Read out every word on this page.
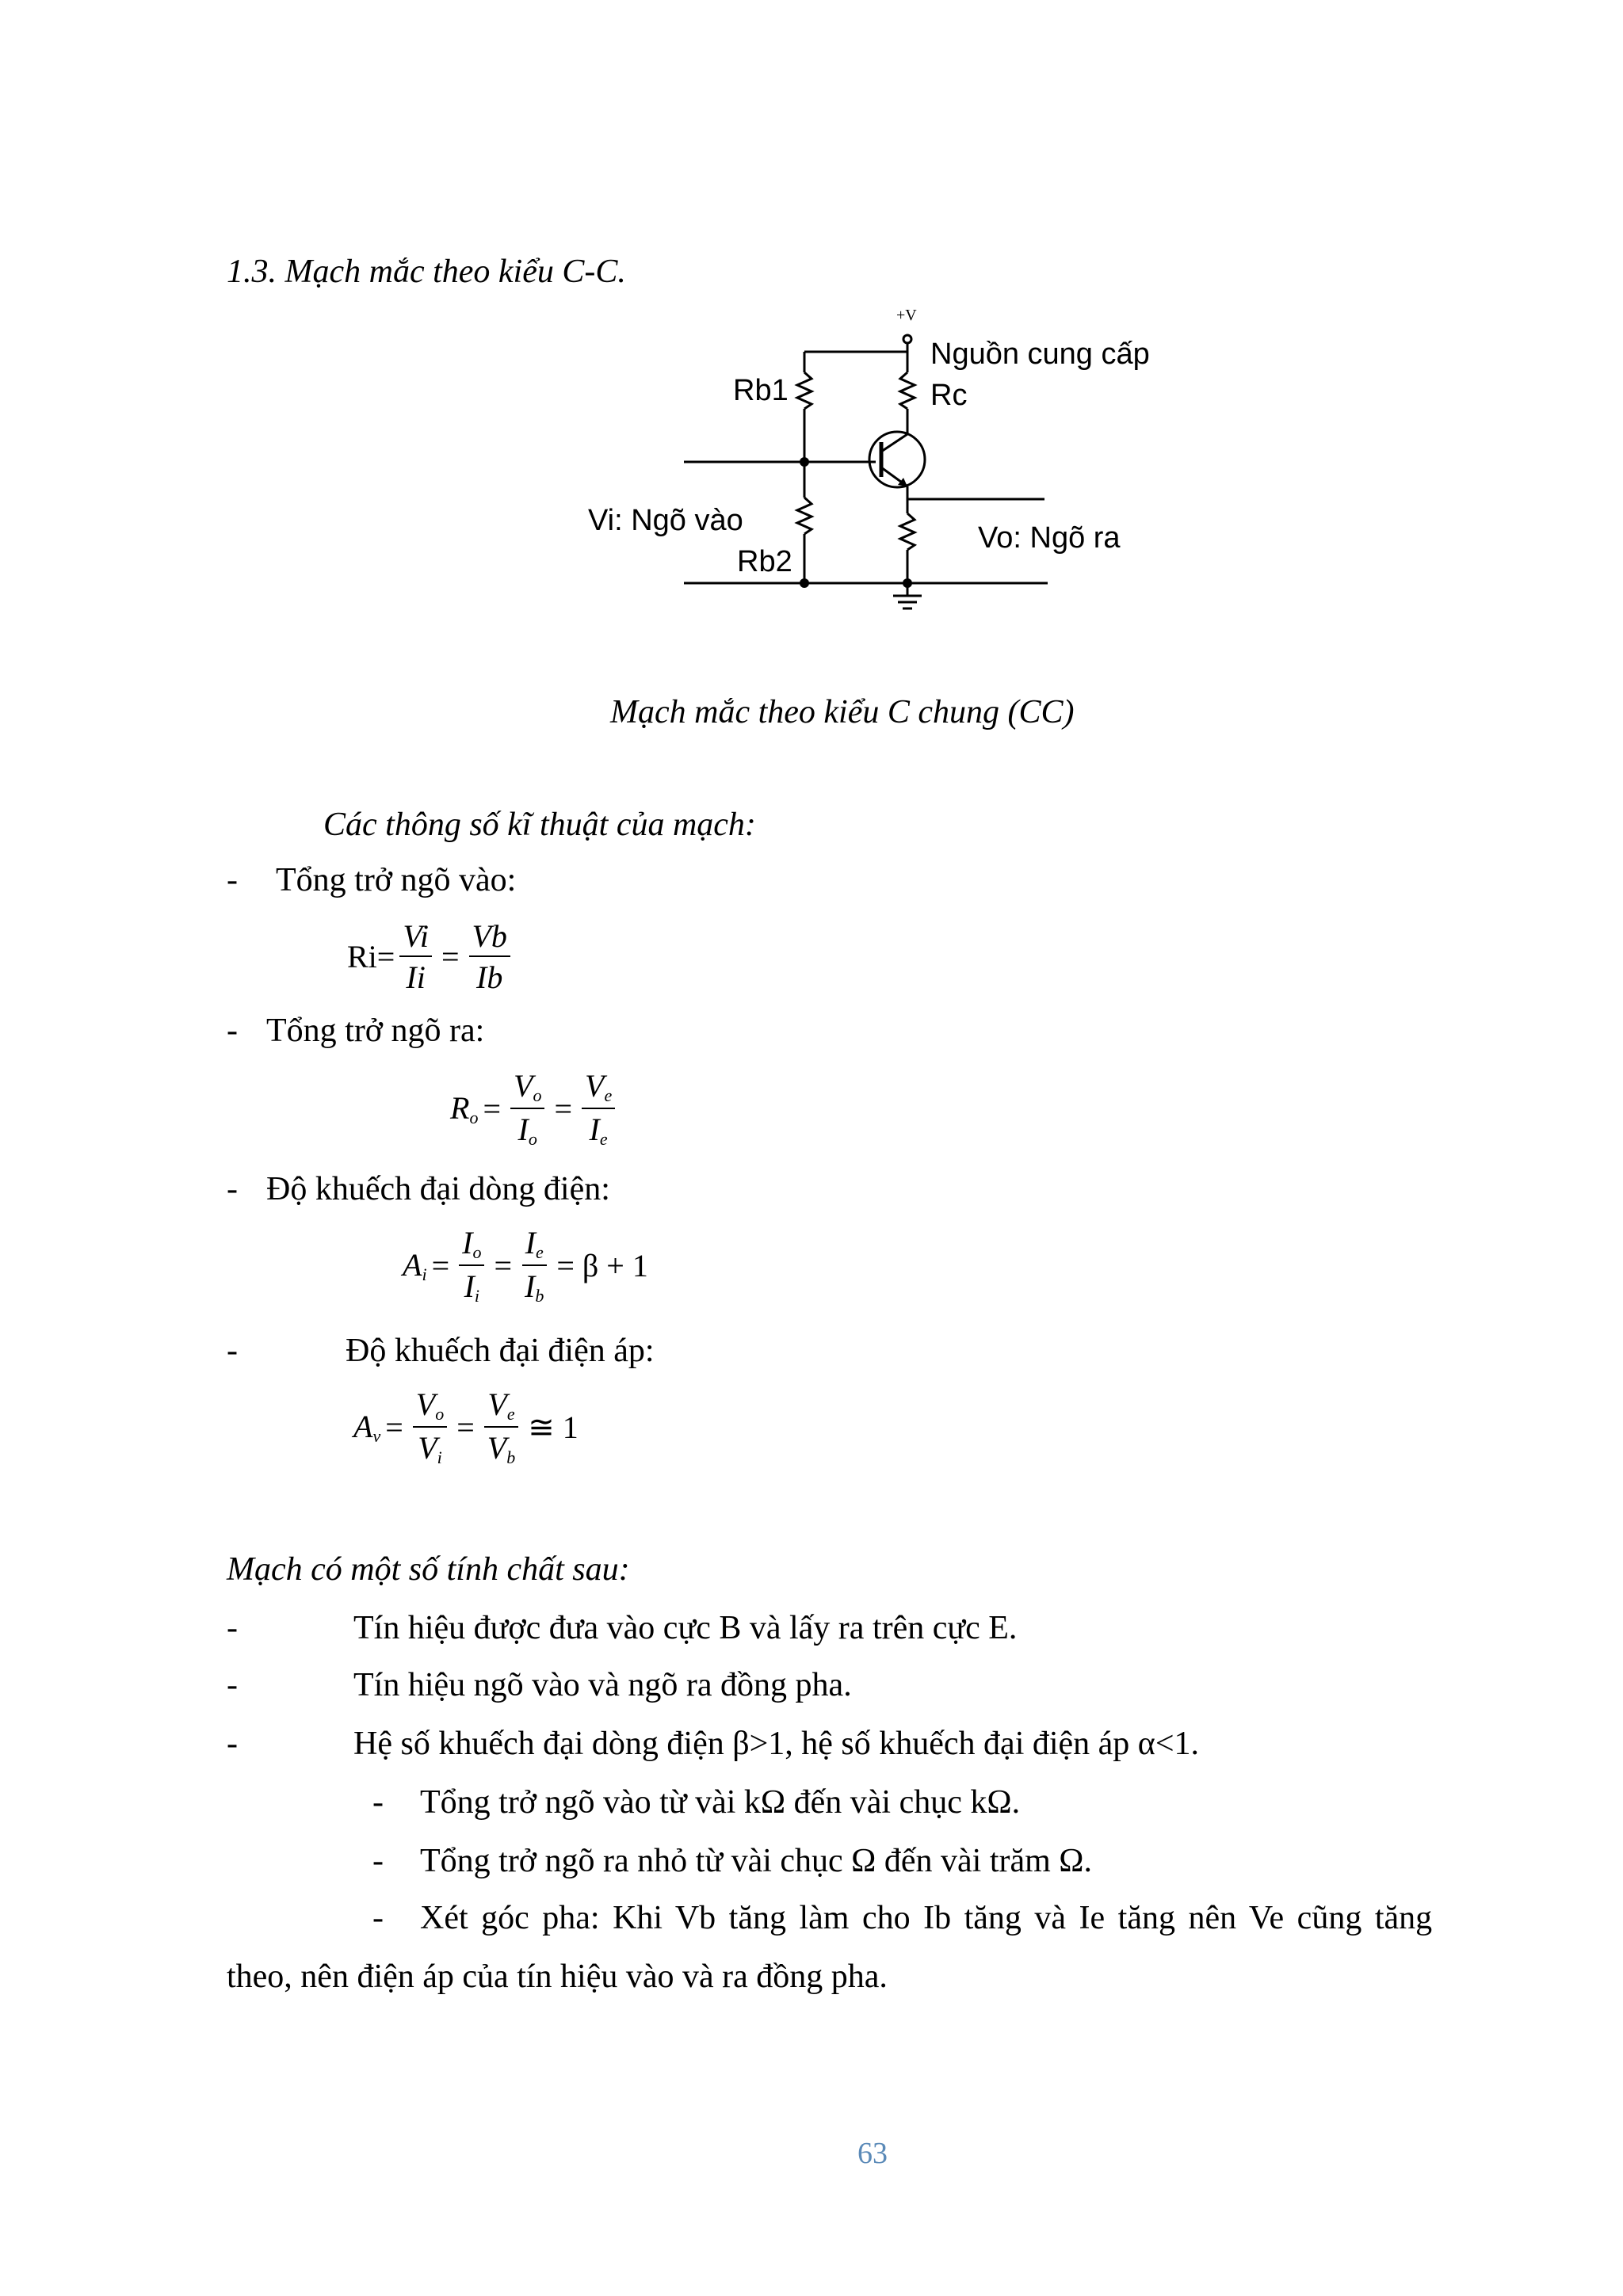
1.3. Mạch mắc theo kiểu C-C.
+V
Nguồn cung cấp
Rc
Rb1
Rb2
Vi: Ngõ vào
Vo: Ngõ ra
Mạch mắc theo kiểu C chung (CC)
Các thông số kĩ thuật của mạch:
- Tổng trở ngõ vào:
$Ri= \frac{Vi}{Ii} = \frac{Vb}{Ib}$
- Tổng trở ngõ ra:
$R_o = \frac{V_o}{I_o} = \frac{V_e}{I_e}$
- Độ khuếch đại dòng điện:
$A_i = \frac{I_o}{I_i} = \frac{I_e}{I_b} = \beta + 1$
-	Độ khuếch đại điện áp:
$A_v = \frac{V_o}{V_i} = \frac{V_e}{V_b}$ ≅ 1
Mạch có một số tính chất sau:
-	Tín hiệu được đưa vào cực B và lấy ra trên cực E.
-	Tín hiệu ngõ vào và ngõ ra đồng pha.
-	Hệ số khuếch đại dòng điện β>1, hệ số khuếch đại điện áp α<1.
- Tổng trở ngõ vào từ vài kΩ đến vài chục kΩ.
- Tổng trở ngõ ra nhỏ từ vài chục Ω đến vài trăm Ω.
- Xét góc pha: Khi Vb tăng làm cho Ib tăng và Ie tăng nên Ve cũng tăng
theo, nên điện áp của tín hiệu vào và ra đồng pha.
63
